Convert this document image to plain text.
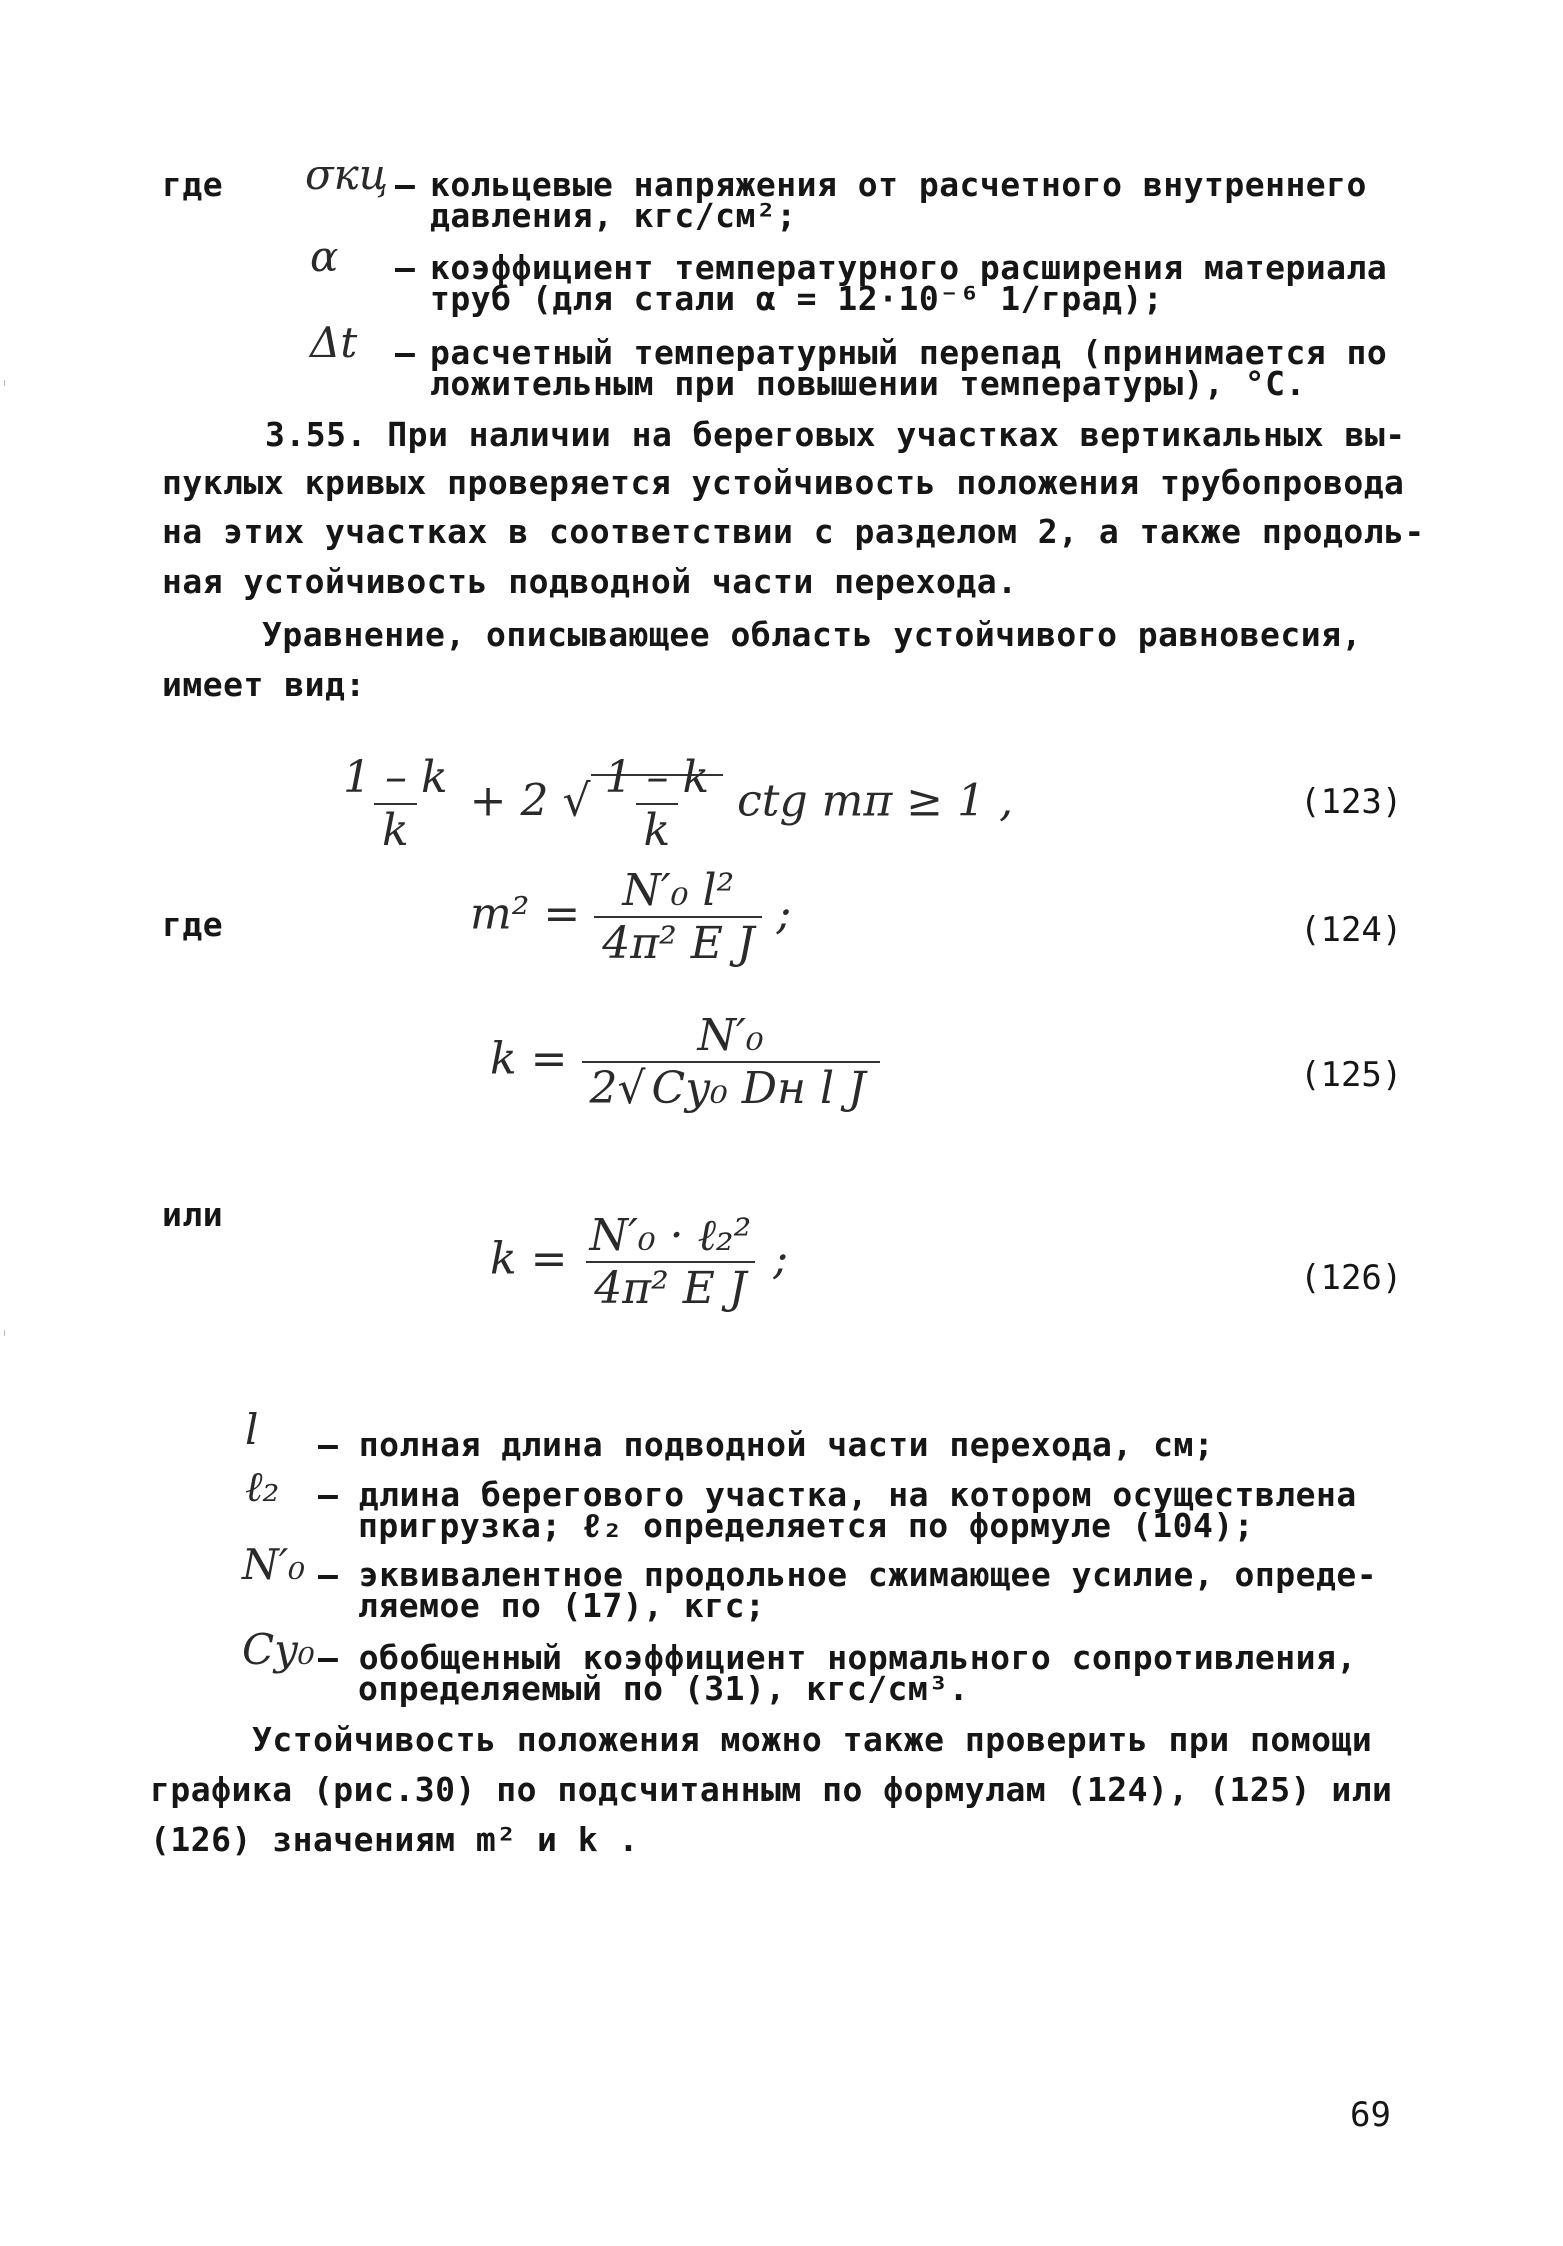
где σкц – кольцевые напряжения от расчетного внутреннего
давления, кгс/см²;
α – коэффициент температурного расширения материала
труб (для стали α = 12·10⁻⁶ 1/град);
Δt – расчетный температурный перепад (принимается по
ложительным при повышении температуры), °С.
3.55. При наличии на береговых участках вертикальных вы-
пуклых кривых проверяется устойчивость положения трубопровода
на этих участках в соответствии с разделом 2, а также продоль-
ная устойчивость подводной части перехода.
Уравнение, описывающее область устойчивого равновесия,
имеет вид:
$\frac{1 - k}{k} + 2$ √ $\frac{1 - k}{k}$ ctg mπ ≥ 1 ,	(123)
где	$m^2 = \frac{\text{N′₀ l²}}{\text{4π² E J}}$ ;	(124)
$k = \frac{\text{N′₀}}{\text{2√ Cy₀ Dн l J}}$	(125)
или
$k = \frac{\text{N′₀ · ℓ₂²}}{\text{4π² E J}}$ ;	(126)
l – полная длина подводной части перехода, см;
ℓ₂ – длина берегового участка, на котором осуществлена
пригрузка; ℓ₂ определяется по формуле (104);
N′₀ – эквивалентное продольное сжимающее усилие, опреде-
ляемое по (17), кгс;
Cy₀ – обобщенный коэффициент нормального сопротивления,
определяемый по (31), кгс/см³.
Устойчивость положения можно также проверить при помощи
графика (рис.30) по подсчитанным по формулам (124), (125) или
(126) значениям m² и k .
69
